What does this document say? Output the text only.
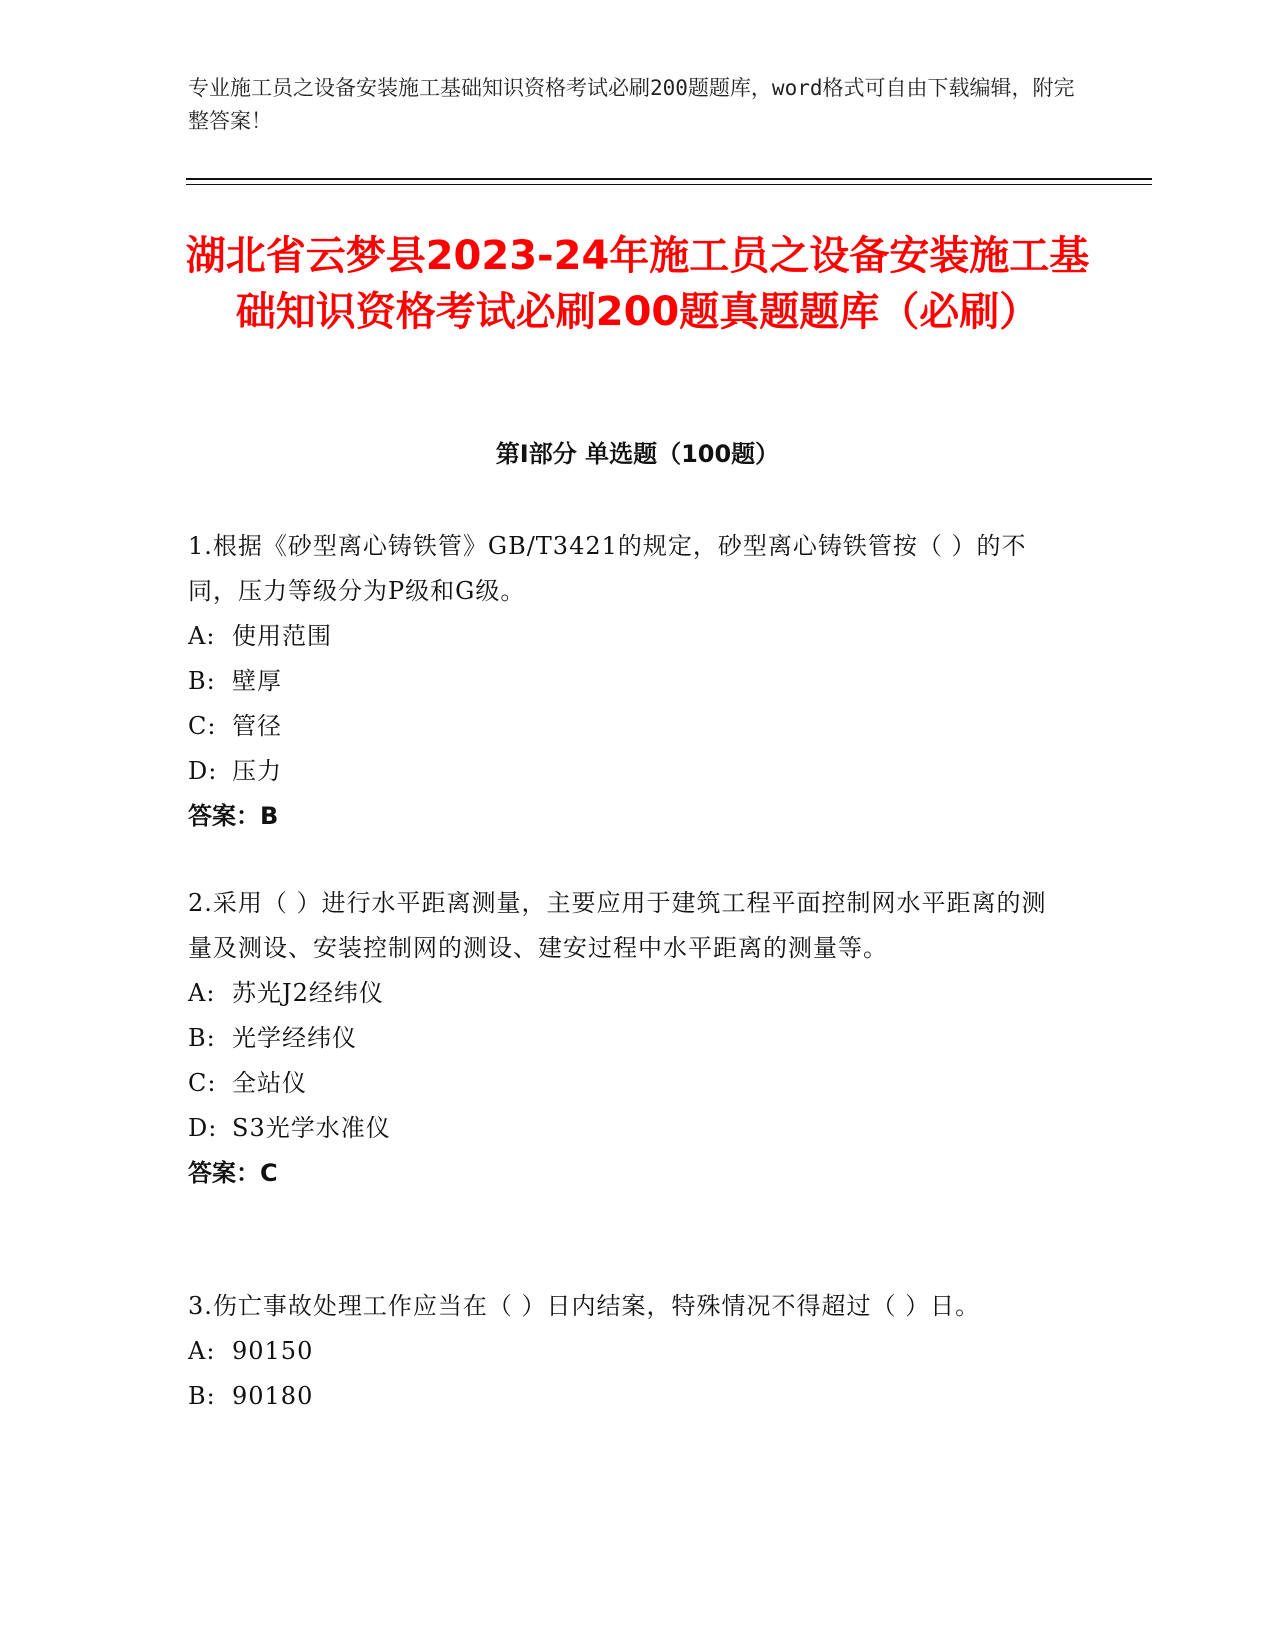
专业施工员之设备安装施工基础知识资格考试必刷200题题库，word格式可自由下载编辑，附完整答案！
湖北省云梦县2023-24年施工员之设备安装施工基础知识资格考试必刷200题真题题库（必刷）
第Ⅰ部分 单选题（100题）
1.根据《砂型离心铸铁管》GB/T3421的规定，砂型离心铸铁管按（ ）的不同，压力等级分为P级和G级。
A: 使用范围
B: 壁厚
C: 管径
D: 压力
答案：B
2.采用（ ）进行水平距离测量，主要应用于建筑工程平面控制网水平距离的测量及测设、安装控制网的测设、建安过程中水平距离的测量等。
A: 苏光J2经纬仪
B: 光学经纬仪
C: 全站仪
D: S3光学水准仪
答案：C
3.伤亡事故处理工作应当在（ ）日内结案，特殊情况不得超过（ ）日。
A: 90150
B: 90180
